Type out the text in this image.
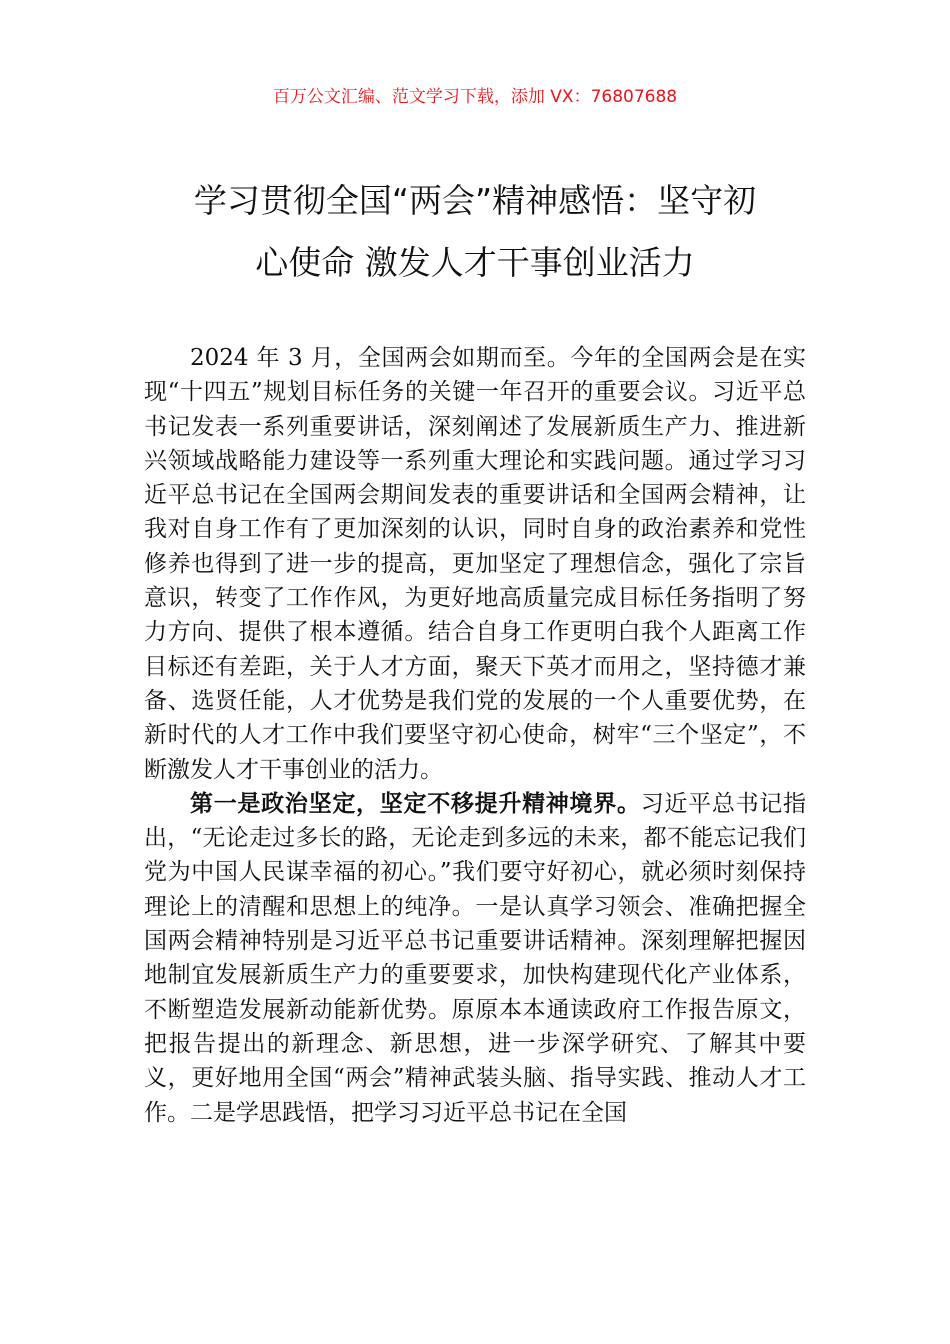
百万公文汇编、范文学习下载，添加 VX：76807688
学习贯彻全国“两会”精神感悟：坚守初
心使命 激发人才干事创业活力

2024 年 3 月，全国两会如期而至。今年的全国两会是在实现“十四五”规划目标任务的关键一年召开的重要会议。习近平总书记发表一系列重要讲话，深刻阐述了发展新质生产力、推进新兴领域战略能力建设等一系列重大理论和实践问题。通过学习习近平总书记在全国两会期间发表的重要讲话和全国两会精神，让我对自身工作有了更加深刻的认识，同时自身的政治素养和党性修养也得到了进一步的提高，更加坚定了理想信念，强化了宗旨意识，转变了工作作风，为更好地高质量完成目标任务指明了努力方向、提供了根本遵循。结合自身工作更明白我个人距离工作目标还有差距，关于人才方面，聚天下英才而用之，坚持德才兼备、选贤任能，人才优势是我们党的发展的一个人重要优势，在新时代的人才工作中我们要坚守初心使命，树牢“三个坚定”，不断激发人才干事创业的活力。

第一是政治坚定，坚定不移提升精神境界。习近平总书记指出，“无论走过多长的路，无论走到多远的未来，都不能忘记我们党为中国人民谋幸福的初心。”我们要守好初心，就必须时刻保持理论上的清醒和思想上的纯净。一是认真学习领会、准确把握全国两会精神特别是习近平总书记重要讲话精神。深刻理解把握因地制宜发展新质生产力的重要要求，加快构建现代化产业体系，不断塑造发展新动能新优势。原原本本通读政府工作报告原文，把报告提出的新理念、新思想，进一步深学研究、了解其中要义，更好地用全国“两会”精神武装头脑、指导实践、推动人才工作。二是学思践悟，把学习习近平总书记在全国
